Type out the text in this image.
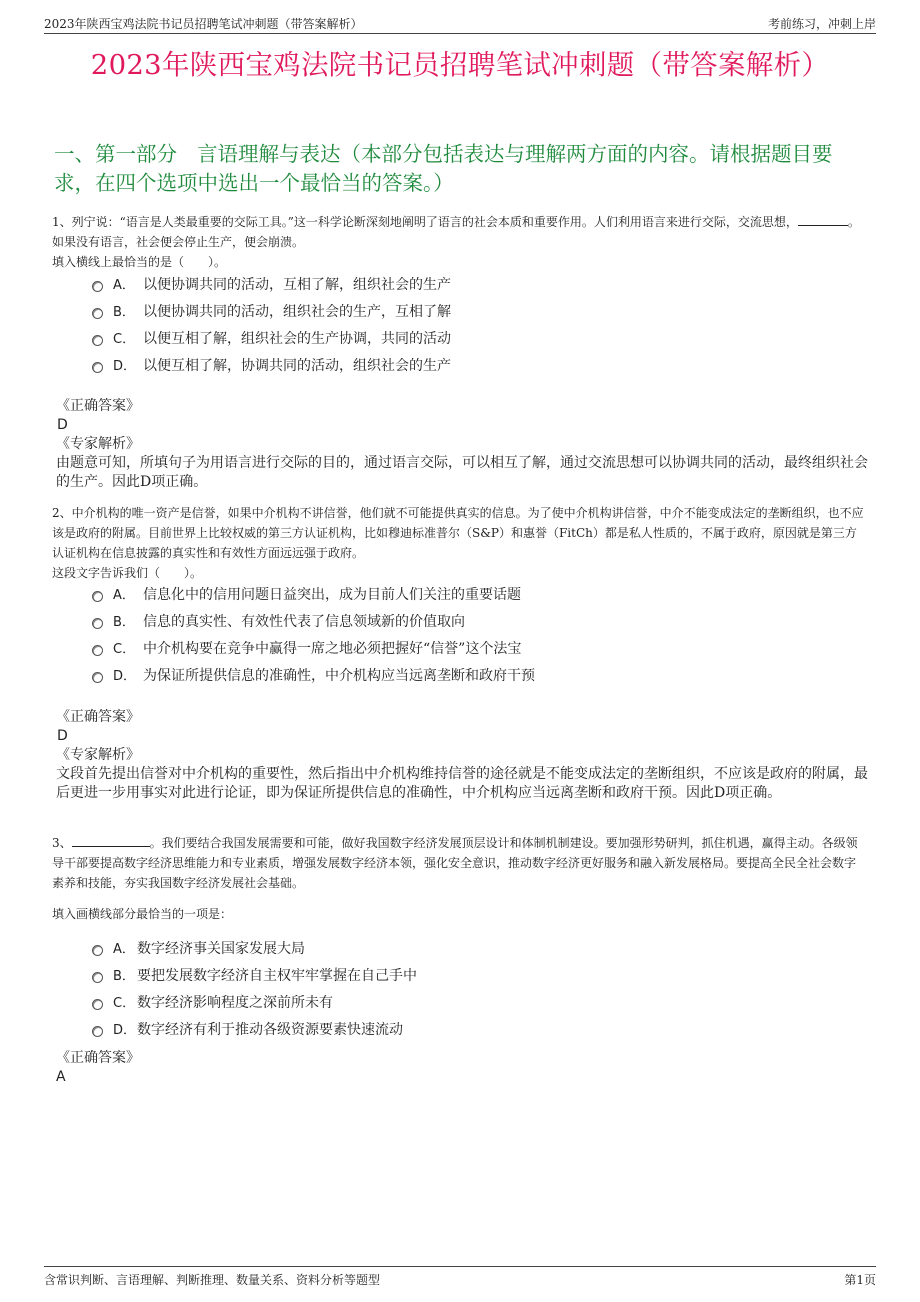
2023年陕西宝鸡法院书记员招聘笔试冲刺题（带答案解析）	考前练习，冲刺上岸
2023年陕西宝鸡法院书记员招聘笔试冲刺题（带答案解析）
一、第一部分 言语理解与表达（本部分包括表达与理解两方面的内容。请根据题目要求，在四个选项中选出一个最恰当的答案。）
1、列宁说：“语言是人类最重要的交际工具。”这一科学论断深刻地阐明了语言的社会本质和重要作用。人们利用语言来进行交际，交流思想，	。如果没有语言，社会便会停止生产，便会崩溃。
填入横线上最恰当的是（　　）。
A． 以便协调共同的活动，互相了解，组织社会的生产
B． 以便协调共同的活动，组织社会的生产，互相了解
C． 以便互相了解，组织社会的生产协调，共同的活动
D． 以便互相了解，协调共同的活动，组织社会的生产
《正确答案》
D
《专家解析》
由题意可知，所填句子为用语言进行交际的目的，通过语言交际，可以相互了解，通过交流思想可以协调共同的活动，最终组织社会的生产。因此D项正确。
2、中介机构的唯一资产是信誉，如果中介机构不讲信誉，他们就不可能提供真实的信息。为了使中介机构讲信誉，中介不能变成法定的垄断组织，也不应该是政府的附属。目前世界上比较权威的第三方认证机构，比如穆迪标准普尔（S&P）和惠誉（FitCh）都是私人性质的，不属于政府，原因就是第三方认证机构在信息披露的真实性和有效性方面远远强于政府。
这段文字告诉我们（　　）。
A． 信息化中的信用问题日益突出，成为目前人们关注的重要话题
B． 信息的真实性、有效性代表了信息领域新的价值取向
C． 中介机构要在竞争中赢得一席之地必须把握好“信誉”这个法宝
D． 为保证所提供信息的准确性，中介机构应当远离垄断和政府干预
《正确答案》
D
《专家解析》
文段首先提出信誉对中介机构的重要性，然后指出中介机构维持信誉的途径就是不能变成法定的垄断组织，不应该是政府的附属，最后更进一步用事实对此进行论证，即为保证所提供信息的准确性，中介机构应当远离垄断和政府干预。因此D项正确。
3、	。我们要结合我国发展需要和可能，做好我国数字经济发展顶层设计和体制机制建设。要加强形势研判，抓住机遇，赢得主动。各级领导干部要提高数字经济思维能力和专业素质，增强发展数字经济本领，强化安全意识，推动数字经济更好服务和融入新发展格局。要提高全民全社会数字素养和技能，夯实我国数字经济发展社会基础。
填入画横线部分最恰当的一项是：
A． 数字经济事关国家发展大局
B． 要把发展数字经济自主权牢牢掌握在自己手中
C． 数字经济影响程度之深前所未有
D． 数字经济有利于推动各级资源要素快速流动
《正确答案》
A
含常识判断、言语理解、判断推理、数量关系、资料分析等题型	第1页
